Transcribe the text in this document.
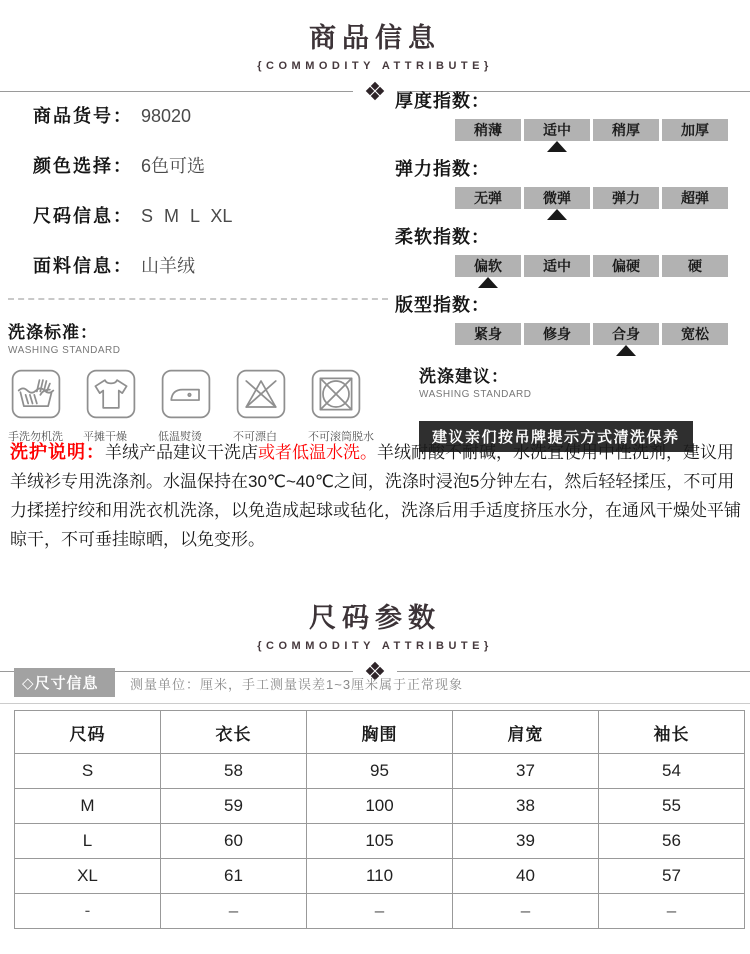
商品信息
{COMMODITY ATTRIBUTE}
商品货号： 98020
颜色选择： 6色可选
尺码信息： S M L XL
面料信息： 山羊绒
洗涤标准：
WASHING STANDARD
手洗勿机洗	平摊干燥	低温熨烫	不可漂白	不可滚筒脱水
厚度指数：
稍薄	适中	稍厚	加厚
弹力指数：
无弹	微弹	弹力	超弹
柔软指数：
偏软	适中	偏硬	硬
版型指数：
紧身	修身	合身	宽松
洗涤建议：
WASHING STANDARD
建议亲们按吊牌提示方式清洗保养

洗护说明：羊绒产品建议干洗店或者低温水洗。羊绒耐酸不耐碱，水洗宜使用中性洗剂，建议用羊绒衫专用洗涤剂。水温保持在30℃~40℃之间，洗涤时浸泡5分钟左右，然后轻轻揉压，不可用力揉搓拧绞和用洗衣机洗涤，以免造成起球或毡化，洗涤后用手适度挤压水分，在通风干燥处平铺晾干，不可垂挂晾晒，以免变形。

尺码参数
{COMMODITY ATTRIBUTE}
◇尺寸信息	测量单位：厘米，手工测量误差1~3厘米属于正常现象
尺码	衣长	胸围	肩宽	袖长
S	58	95	37	54
M	59	100	38	55
L	60	105	39	56
XL	61	110	40	57
-	–	–	–	–
